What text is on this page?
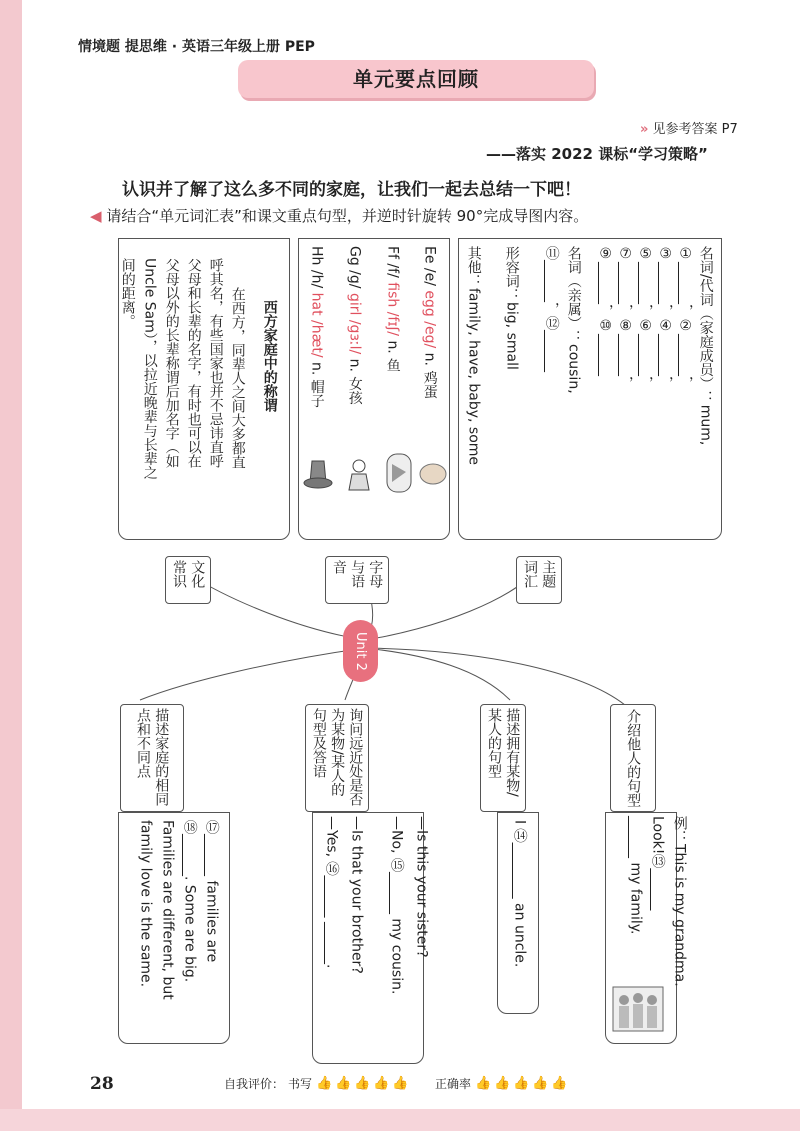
情境题 提思维 · 英语三年级上册 PEP
单元要点回顾
» 见参考答案 P7
——落实 2022 课标“学习策略”
认识并了解了这么多不同的家庭，让我们一起去总结一下吧！
◀ 请结合“单元词汇表”和课文重点句型，并逆时针旋转 90°完成导图内容。
名词/代词（家庭成员）：mum,
①______，②______，
③______，④______，
⑤______，⑥______，
⑦______，⑧______，
⑨______，⑩______
名词（亲属）：cousin,
⑪______，⑫______
形容词：big, small
其他：family, have, baby, some
Ee /e/ egg /eg/ n. 鸡蛋
Ff /f/ fish /fɪʃ/ n. 鱼
Gg /g/ girl /gɜːl/ n. 女孩
Hh /h/ hat /hæt/ n. 帽子
西方家庭中的称谓
在西方，同辈人之间大多都直
呼其名，有些国家也并不忌讳直呼
父母和长辈的名字，有时也可以在
父母以外的长辈称谓后加名字（如
Uncle Sam），以拉近晚辈与长辈之
间的距离。
主题词汇
字母与语音
文化常识
Unit 2
介绍他人的句型
描述拥有某物/某人的句型
询问远近处是否为某物/某人的句型及答语
描述家庭的相同点和不同点
例：This is my grandma.
Look!⑬______
______ my family.
I ⑭________ an uncle.
—Is this your sister?
—No, ⑮______ my cousin.
—Is that your brother?
—Yes, ⑯______ ______.
⑰______ families are
⑱______. Some are big.
Families are different, but
family love is the same.
28	自我评价： 书写 👍 👍 👍 👍 👍 正确率 👍 👍 👍 👍 👍
